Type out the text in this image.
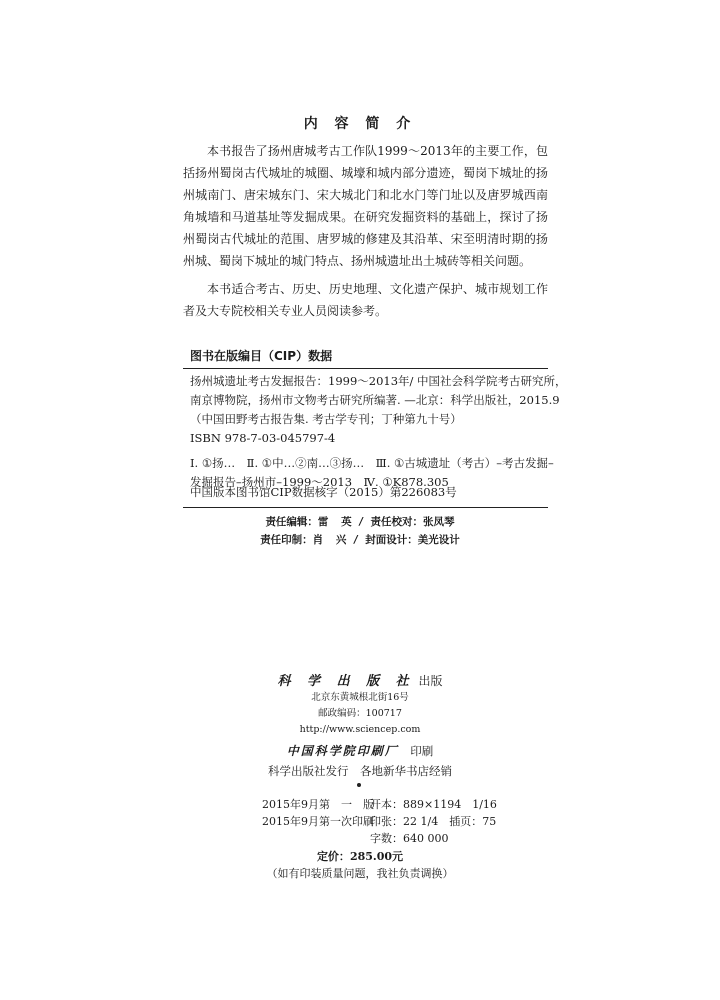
内 容 简 介

本书报告了扬州唐城考古工作队1999～2013年的主要工作，包括扬州蜀岗古代城址的城圈、城壕和城内部分遗迹，蜀岗下城址的扬州城南门、唐宋城东门、宋大城北门和北水门等门址以及唐罗城西南角城墙和马道基址等发掘成果。在研究发掘资料的基础上，探讨了扬州蜀岗古代城址的范围、唐罗城的修建及其沿革、宋至明清时期的扬州城、蜀岗下城址的城门特点、扬州城遗址出土城砖等相关问题。

本书适合考古、历史、历史地理、文化遗产保护、城市规划工作者及大专院校相关专业人员阅读参考。

图书在版编目（CIP）数据
扬州城遗址考古发掘报告：1999～2013年/ 中国社会科学院考古研究所，
南京博物院，扬州市文物考古研究所编著. —北京：科学出版社，2015.9
（中国田野考古报告集. 考古学专刊；丁种第九十号）
ISBN 978-7-03-045797-4
Ⅰ. ①扬…　Ⅱ. ①中…②南…③扬…　Ⅲ. ①古城遗址（考古）–考古发掘–
发掘报告–扬州市–1999～2013　Ⅳ. ①K878.305
中国版本图书馆CIP数据核字（2015）第226083号
责任编辑：雷  英 / 责任校对：张凤琴
责任印制：肖  兴 / 封面设计：美光设计
科 学 出 版 社 出版
北京东黄城根北街16号
邮政编码：100717
http://www.sciencep.com
中国科学院印刷厂　印刷
科学出版社发行　各地新华书店经销
2015年9月第　一　版
开本：889×1194　1/16
2015年9月第一次印刷
印张：22 1/4　插页：75
字数：640 000
定价：285.00元
（如有印装质量问题，我社负责调换）
